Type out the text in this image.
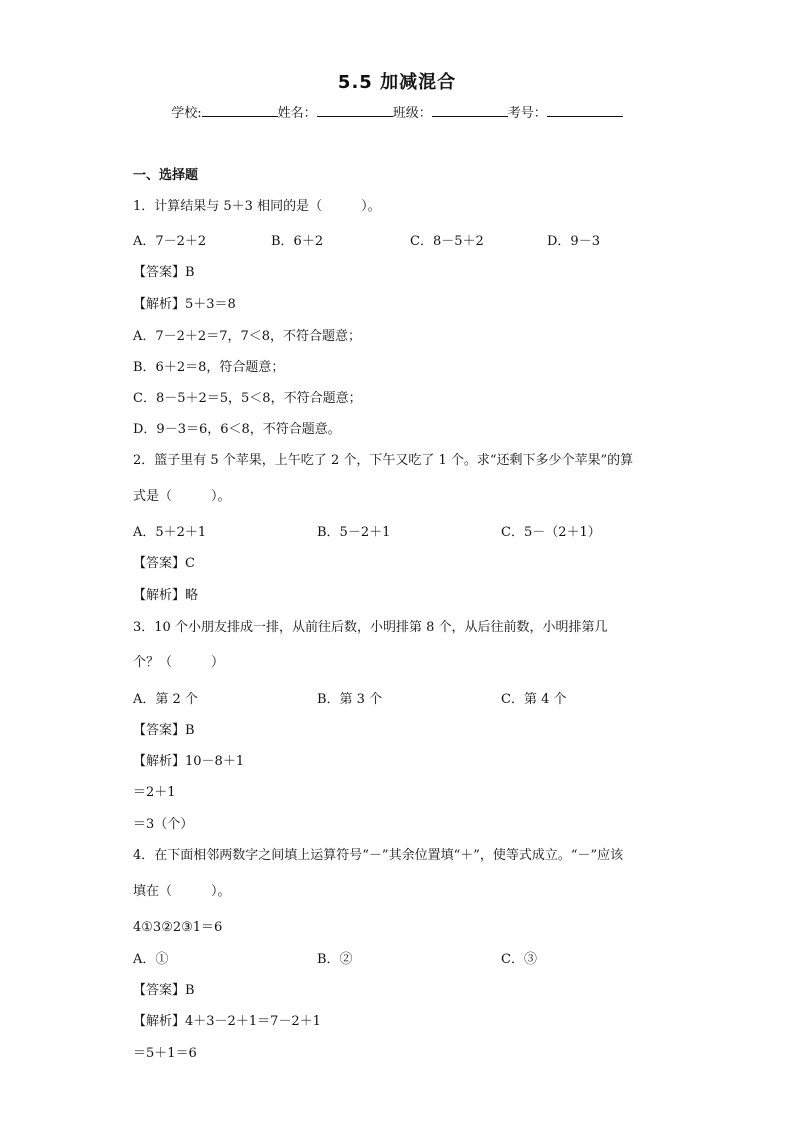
5.5 加减混合
学校:	姓名：	班级：	考号：
一、选择题
1．计算结果与 5＋3 相同的是（　　　）。
A．7－2＋2	B．6＋2	C．8－5＋2	D．9－3
【答案】B
【解析】5＋3＝8
A．7－2＋2＝7，7＜8，不符合题意；
B．6＋2＝8，符合题意；
C．8－5＋2＝5，5＜8，不符合题意；
D．9－3＝6，6＜8，不符合题意。
2．篮子里有 5 个苹果，上午吃了 2 个，下午又吃了 1 个。求“还剩下多少个苹果”的算
式是（　　　）。
A．5＋2＋1	B．5－2＋1	C．5－（2＋1）
【答案】C
【解析】略
3．10 个小朋友排成一排，从前往后数，小明排第 8 个，从后往前数，小明排第几
个？（　　　）
A．第 2 个	B．第 3 个	C．第 4 个
【答案】B
【解析】10－8＋1
＝2＋1
＝3（个）
4．在下面相邻两数字之间填上运算符号“－”其余位置填“＋”，使等式成立。“－”应该
填在（　　　）。
4①3②2③1＝6
A．①	B．②	C．③
【答案】B
【解析】4＋3－2＋1＝7－2＋1
＝5＋1＝6
